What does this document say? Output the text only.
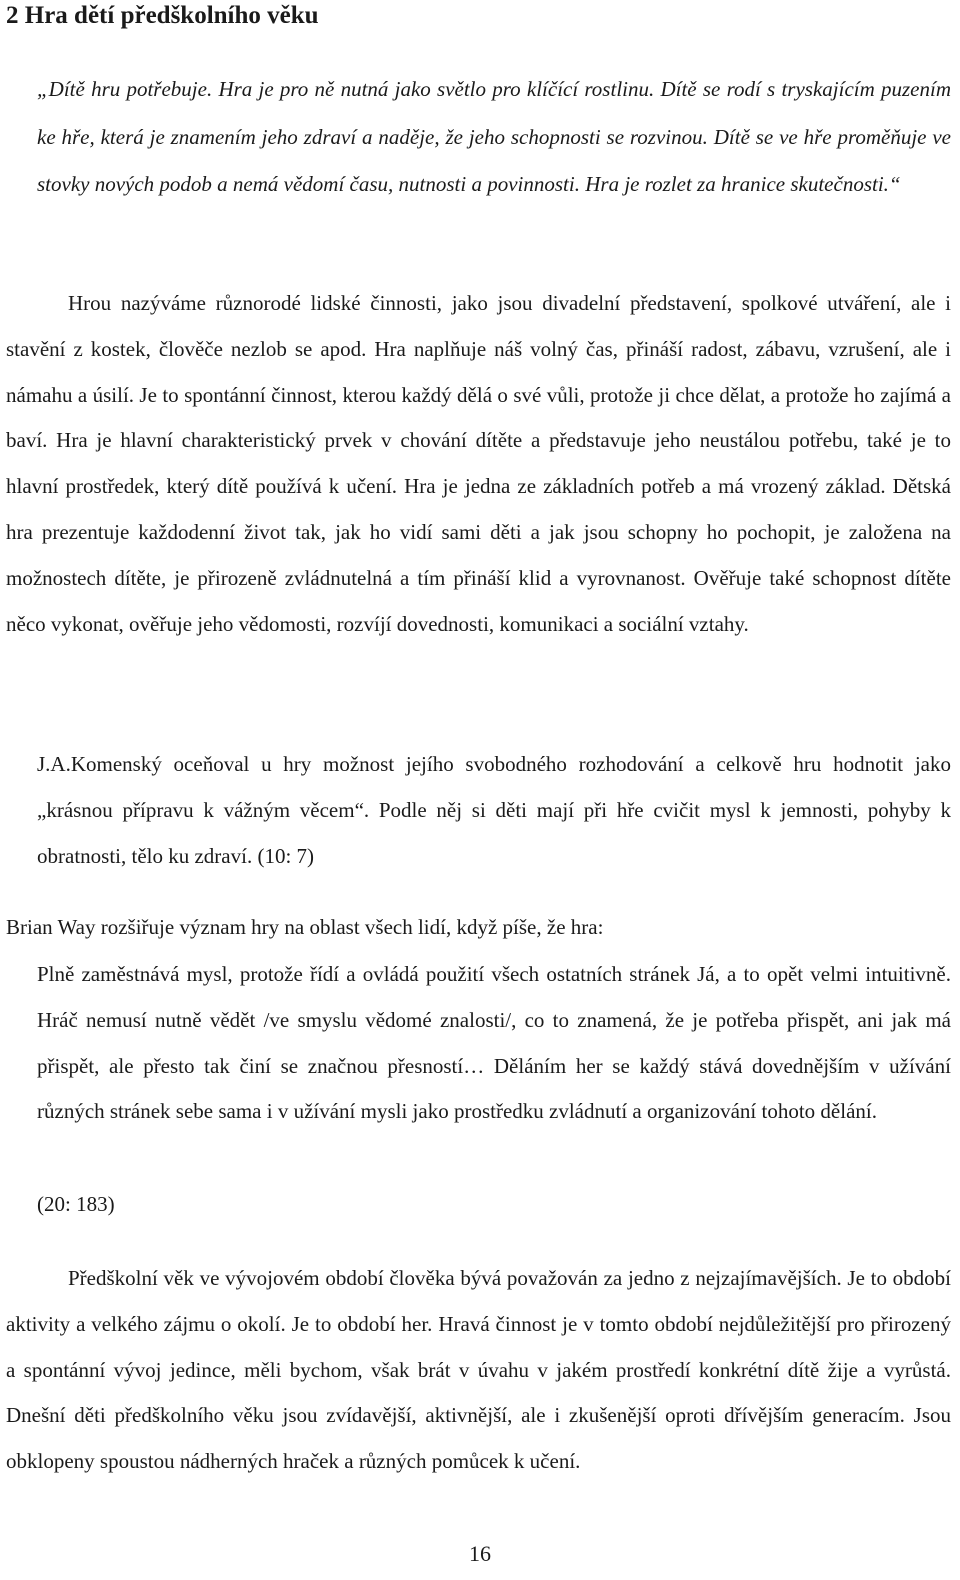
2 Hra dětí předškolního věku

„Dítě hru potřebuje. Hra je pro ně nutná jako světlo pro klíčící rostlinu. Dítě se rodí s tryskajícím puzením ke hře, která je znamením jeho zdraví a naděje, že jeho schopnosti se rozvinou. Dítě se ve hře proměňuje ve stovky nových podob a nemá vědomí času, nutnosti a povinnosti. Hra je rozlet za hranice skutečnosti.“

Hrou nazýváme různorodé lidské činnosti, jako jsou divadelní představení, spolkové utváření, ale i stavění z kostek, člověče nezlob se apod. Hra naplňuje náš volný čas, přináší radost, zábavu, vzrušení, ale i námahu a úsilí. Je to spontánní činnost, kterou každý dělá o své vůli, protože ji chce dělat, a protože ho zajímá a baví. Hra je hlavní charakteristický prvek v chování dítěte a představuje jeho neustálou potřebu, také je to hlavní prostředek, který dítě používá k učení. Hra je jedna ze základních potřeb a má vrozený základ. Dětská hra prezentuje každodenní život tak, jak ho vidí sami děti a jak jsou schopny ho pochopit, je založena na možnostech dítěte, je přirozeně zvládnutelná a tím přináší klid a vyrovnanost. Ověřuje také schopnost dítěte něco vykonat, ověřuje jeho vědomosti, rozvíjí dovednosti, komunikaci a sociální vztahy.

J.A.Komenský oceňoval u hry možnost jejího svobodného rozhodování a celkově hru hodnotit jako „krásnou přípravu k vážným věcem“. Podle něj si děti mají při hře cvičit mysl k jemnosti, pohyby k obratnosti, tělo ku zdraví. (10: 7)

Brian Way rozšiřuje význam hry na oblast všech lidí, když píše, že hra:

Plně zaměstnává mysl, protože řídí a ovládá použití všech ostatních stránek Já, a to opět velmi intuitivně. Hráč nemusí nutně vědět /ve smyslu vědomé znalosti/, co to znamená, že je potřeba přispět, ani jak má přispět, ale přesto tak činí se značnou přesností… Děláním her se každý stává dovednějším v užívání různých stránek sebe sama i v užívání mysli jako prostředku zvládnutí a organizování tohoto dělání.

(20: 183)

Předškolní věk ve vývojovém období člověka bývá považován za jedno z nejzajímavějších. Je to období aktivity a velkého zájmu o okolí. Je to období her. Hravá činnost je v tomto období nejdůležitější pro přirozený a spontánní vývoj jedince, měli bychom, však brát v úvahu v jakém prostředí konkrétní dítě žije a vyrůstá. Dnešní děti předškolního věku jsou zvídavější, aktivnější, ale i zkušenější oproti dřívějším generacím. Jsou obklopeny spoustou nádherných hraček a různých pomůcek k učení.

16
